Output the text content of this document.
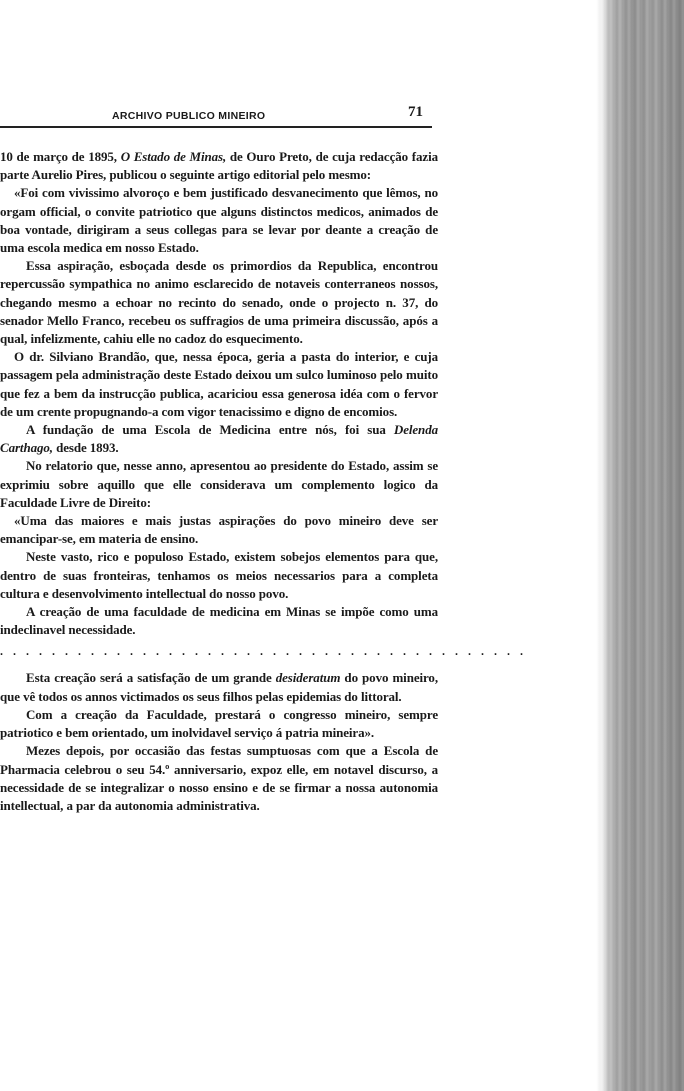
ARCHIVO PUBLICO MINEIRO	71

10 de março de 1895, O Estado de Minas, de Ouro Preto, de cuja redacção fazia parte Aurelio Pires, publicou o seguinte artigo editorial pelo mesmo:

«Foi com vivissimo alvoroço e bem justificado desvanecimento que lêmos, no orgam official, o convite patriotico que alguns distinctos medicos, animados de boa vontade, dirigiram a seus collegas para se levar por deante a creação de uma escola medica em nosso Estado.

Essa aspiração, esboçada desde os primordios da Republica, encontrou repercussão sympathica no animo esclarecido de notaveis conterraneos nossos, chegando mesmo a echoar no recinto do senado, onde o projecto n. 37, do senador Mello Franco, recebeu os suffragios de uma primeira discussão, após a qual, infelizmente, cahiu elle no cadoz do esquecimento.

O dr. Silviano Brandão, que, nessa época, geria a pasta do interior, e cuja passagem pela administração deste Estado deixou um sulco luminoso pelo muito que fez a bem da instrucção publica, acariciou essa generosa idéa com o fervor de um crente propugnando-a com vigor tenacissimo e digno de encomios.

A fundação de uma Escola de Medicina entre nós, foi sua Delenda Carthago, desde 1893.

No relatorio que, nesse anno, apresentou ao presidente do Estado, assim se exprimiu sobre aquillo que elle considerava um complemento logico da Faculdade Livre de Direito:

«Uma das maiores e mais justas aspirações do povo mineiro deve ser emancipar-se, em materia de ensino.

Neste vasto, rico e populoso Estado, existem sobejos elementos para que, dentro de suas fronteiras, tenhamos os meios necessarios para a completa cultura e desenvolvimento intellectual do nosso povo.

A creação de uma faculdade de medicina em Minas se impõe como uma indeclinavel necessidade.

. . . . . . . . . . . . . . . . . . . . . . . . . . . . . . . . . . . . . . . . .

Esta creação será a satisfação de um grande desideratum do povo mineiro, que vê todos os annos victimados os seus filhos pelas epidemias do littoral.

Com a creação da Faculdade, prestará o congresso mineiro, sempre patriotico e bem orientado, um inolvidavel serviço á patria mineira».

Mezes depois, por occasião das festas sumptuosas com que a Escola de Pharmacia celebrou o seu 54.º anniversario, expoz elle, em notavel discurso, a necessidade de se integralizar o nosso ensino e de se firmar a nossa autonomia intellectual, a par da autonomia administrativa.
